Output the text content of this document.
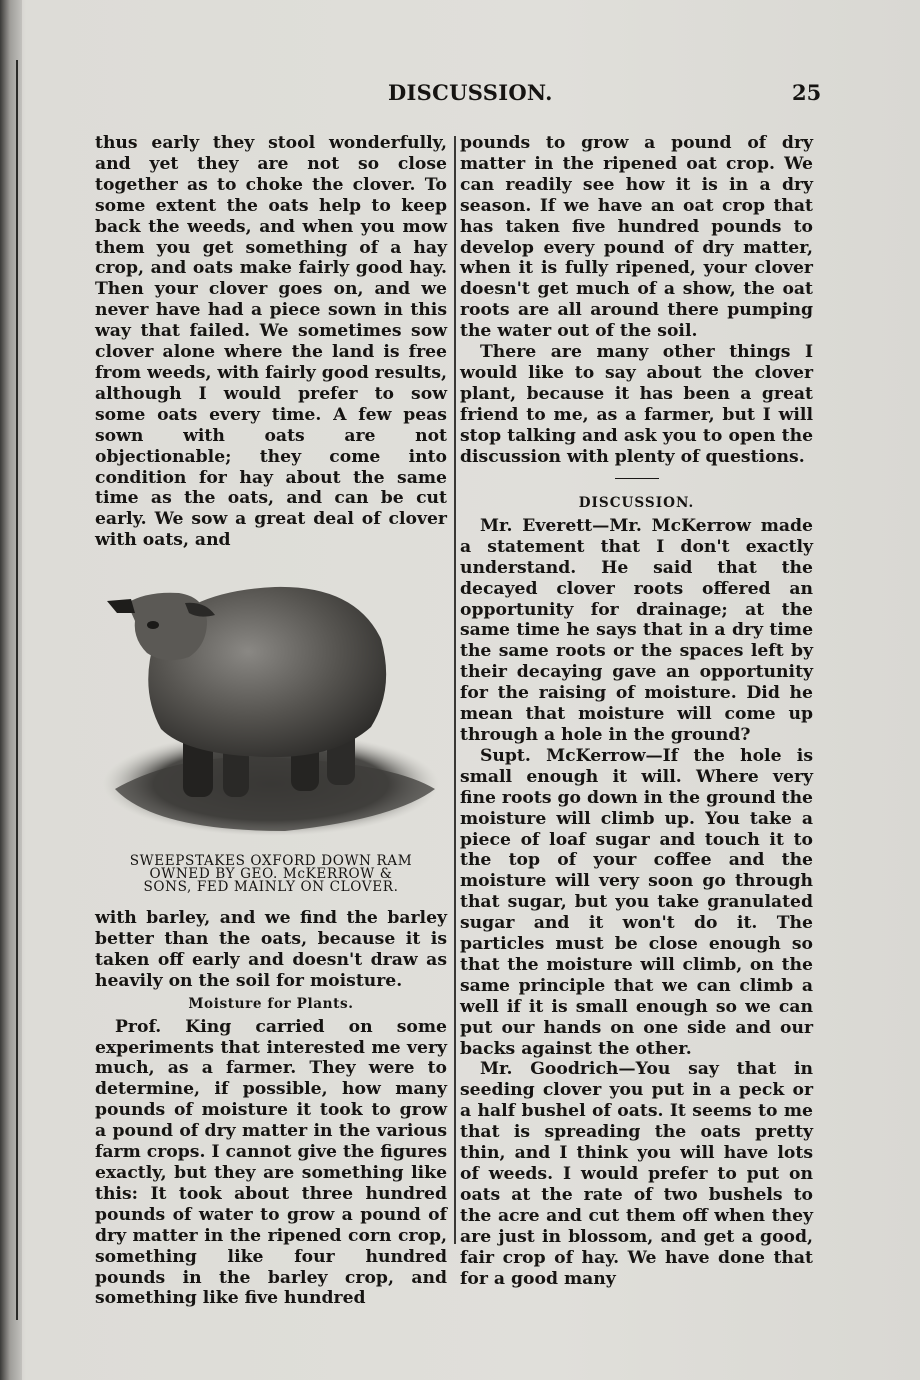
DISCUSSION.	25

thus early they stool wonderfully, and yet they are not so close together as to choke the clover. To some extent the oats help to keep back the weeds, and when you mow them you get something of a hay crop, and oats make fairly good hay. Then your clover goes on, and we never have had a piece sown in this way that failed. We sometimes sow clover alone where the land is free from weeds, with fairly good results, although I would prefer to sow some oats every time. A few peas sown with oats are not objectionable; they come into condition for hay about the same time as the oats, and can be cut early. We sow a great deal of clover with oats, and

SWEEPSTAKES OXFORD DOWN RAM
OWNED BY GEO. McKERROW &
SONS, FED MAINLY ON CLOVER.

with barley, and we find the barley better than the oats, because it is taken off early and doesn't draw as heavily on the soil for moisture.

Moisture for Plants.

Prof. King carried on some experiments that interested me very much, as a farmer. They were to determine, if possible, how many pounds of moisture it took to grow a pound of dry matter in the various farm crops. I cannot give the figures exactly, but they are something like this: It took about three hundred pounds of water to grow a pound of dry matter in the ripened corn crop, something like four hundred pounds in the barley crop, and something like five hundred

pounds to grow a pound of dry matter in the ripened oat crop. We can readily see how it is in a dry season. If we have an oat crop that has taken five hundred pounds to develop every pound of dry matter, when it is fully ripened, your clover doesn't get much of a show, the oat roots are all around there pumping the water out of the soil.

There are many other things I would like to say about the clover plant, because it has been a great friend to me, as a farmer, but I will stop talking and ask you to open the discussion with plenty of questions.

DISCUSSION.

Mr. Everett—Mr. McKerrow made a statement that I don't exactly understand. He said that the decayed clover roots offered an opportunity for drainage; at the same time he says that in a dry time the same roots or the spaces left by their decaying gave an opportunity for the raising of moisture. Did he mean that moisture will come up through a hole in the ground?

Supt. McKerrow—If the hole is small enough it will. Where very fine roots go down in the ground the moisture will climb up. You take a piece of loaf sugar and touch it to the top of your coffee and the moisture will very soon go through that sugar, but you take granulated sugar and it won't do it. The particles must be close enough so that the moisture will climb, on the same principle that we can climb a well if it is small enough so we can put our hands on one side and our backs against the other.

Mr. Goodrich—You say that in seeding clover you put in a peck or a half bushel of oats. It seems to me that is spreading the oats pretty thin, and I think you will have lots of weeds. I would prefer to put on oats at the rate of two bushels to the acre and cut them off when they are just in blossom, and get a good, fair crop of hay. We have done that for a good many
